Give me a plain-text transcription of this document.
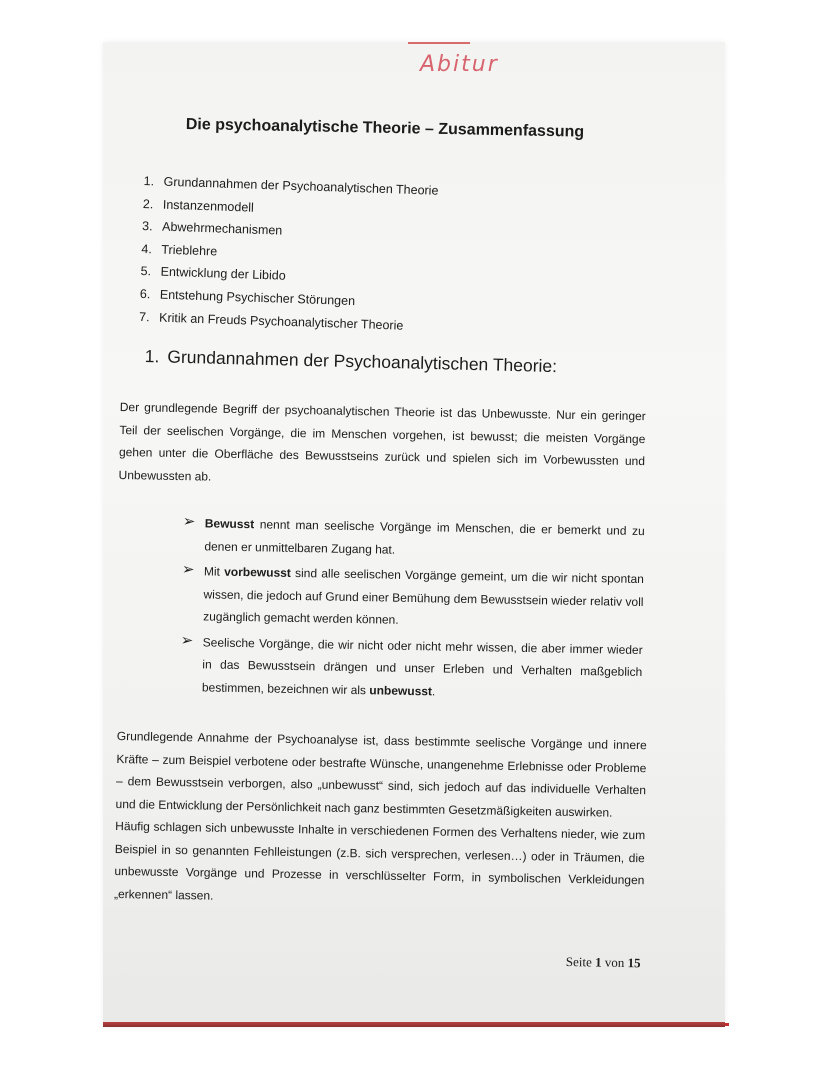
Abitur
Die psychoanalytische Theorie – Zusammenfassung
1. Grundannahmen der Psychoanalytischen Theorie
2. Instanzenmodell
3. Abwehrmechanismen
4. Trieblehre
5. Entwicklung der Libido
6. Entstehung Psychischer Störungen
7. Kritik an Freuds Psychoanalytischer Theorie
1. Grundannahmen der Psychoanalytischen Theorie:

Der grundlegende Begriff der psychoanalytischen Theorie ist das Unbewusste. Nur ein geringer Teil der seelischen Vorgänge, die im Menschen vorgehen, ist bewusst; die meisten Vorgänge gehen unter die Oberfläche des Bewusstseins zurück und spielen sich im Vorbewussten und Unbewussten ab.

➢ Bewusst nennt man seelische Vorgänge im Menschen, die er bemerkt und zu denen er unmittelbaren Zugang hat.
➢ Mit vorbewusst sind alle seelischen Vorgänge gemeint, um die wir nicht spontan wissen, die jedoch auf Grund einer Bemühung dem Bewusstsein wieder relativ voll zugänglich gemacht werden können.
➢ Seelische Vorgänge, die wir nicht oder nicht mehr wissen, die aber immer wieder in das Bewusstsein drängen und unser Erleben und Verhalten maßgeblich bestimmen, bezeichnen wir als unbewusst.
Grundlegende Annahme der Psychoanalyse ist, dass bestimmte seelische Vorgänge und innere Kräfte – zum Beispiel verbotene oder bestrafte Wünsche, unangenehme Erlebnisse oder Probleme – dem Bewusstsein verborgen, also „unbewusst“ sind, sich jedoch auf das individuelle Verhalten und die Entwicklung der Persönlichkeit nach ganz bestimmten Gesetzmäßigkeiten auswirken.
Häufig schlagen sich unbewusste Inhalte in verschiedenen Formen des Verhaltens nieder, wie zum Beispiel in so genannten Fehlleistungen (z.B. sich versprechen, verlesen…) oder in Träumen, die unbewusste Vorgänge und Prozesse in verschlüsselter Form, in symbolischen Verkleidungen „erkennen“ lassen.
Seite 1 von 15
